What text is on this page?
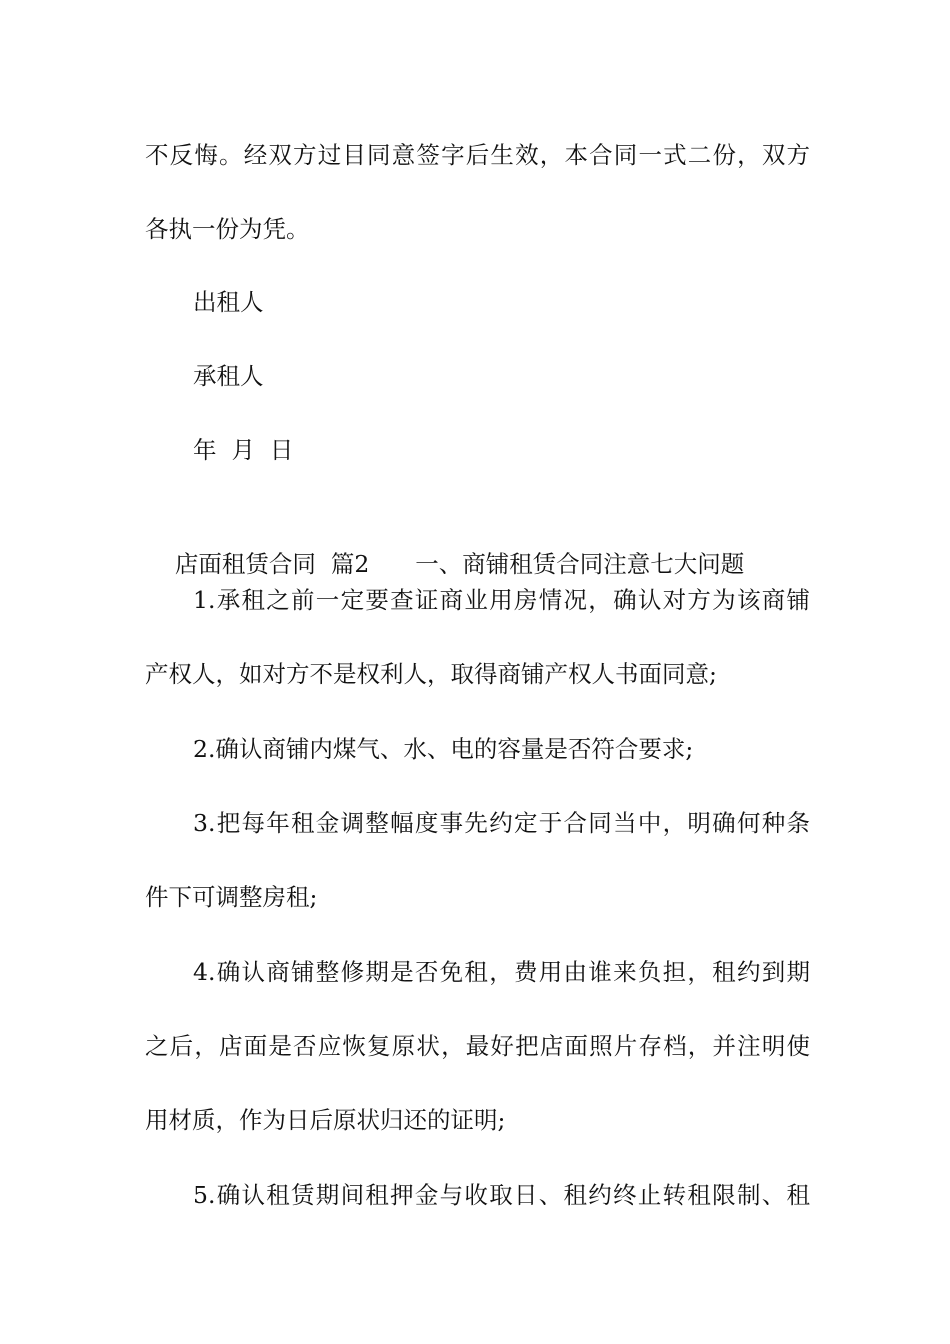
不反悔。经双方过目同意签字后生效，本合同一式二份，双方
各执一份为凭。
出租人
承租人
年  月  日

店面租赁合同  篇2 一、商铺租赁合同注意七大问题

1.承租之前一定要查证商业用房情况，确认对方为该商铺
产权人，如对方不是权利人，取得商铺产权人书面同意;
2.确认商铺内煤气、水、电的容量是否符合要求;
3.把每年租金调整幅度事先约定于合同当中，明确何种条
件下可调整房租;
4.确认商铺整修期是否免租，费用由谁来负担，租约到期
之后，店面是否应恢复原状，最好把店面照片存档，并注明使
用材质，作为日后原状归还的证明;
5.确认租赁期间租押金与收取日、租约终止转租限制、租
